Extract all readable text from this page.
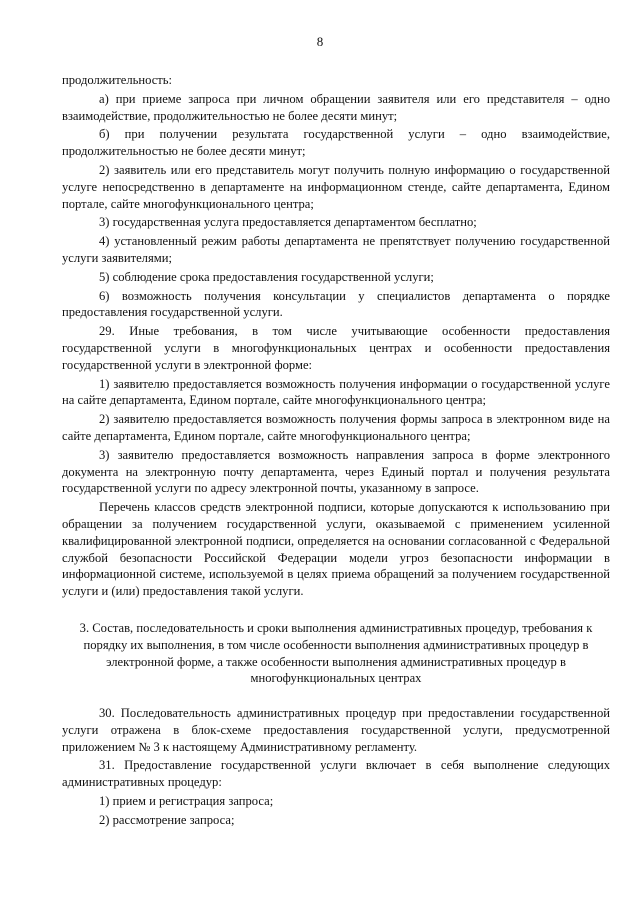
8

продолжительность:

а) при приеме запроса при личном обращении заявителя или его представителя – одно взаимодействие, продолжительностью не более десяти минут;

б) при получении результата государственной услуги – одно взаимодействие, продолжительностью не более десяти минут;

2) заявитель или его представитель могут получить полную информацию о государственной услуге непосредственно в департаменте на информационном стенде, сайте департамента, Едином портале, сайте многофункционального центра;

3) государственная услуга предоставляется департаментом бесплатно;

4) установленный режим работы департамента не препятствует получению государственной услуги заявителями;

5) соблюдение срока предоставления государственной услуги;

6) возможность получения консультации у специалистов департамента о порядке предоставления государственной услуги.

29. Иные требования, в том числе учитывающие особенности предоставления государственной услуги в многофункциональных центрах и особенности предоставления государственной услуги в электронной форме:

1) заявителю предоставляется возможность получения информации о государственной услуге на сайте департамента, Едином портале, сайте многофункционального центра;

2) заявителю предоставляется возможность получения формы запроса в электронном виде на сайте департамента, Едином портале, сайте многофункционального центра;

3) заявителю предоставляется возможность направления запроса в форме электронного документа на электронную почту департамента, через Единый портал и получения результата государственной услуги по адресу электронной почты, указанному в запросе.

Перечень классов средств электронной подписи, которые допускаются к использованию при обращении за получением государственной услуги, оказываемой с применением усиленной квалифицированной электронной подписи, определяется на основании согласованной с Федеральной службой безопасности Российской Федерации модели угроз безопасности информации в информационной системе, используемой в целях приема обращений за получением государственной услуги и (или) предоставления такой услуги.

3. Состав, последовательность и сроки выполнения административных процедур, требования к порядку их выполнения, в том числе особенности выполнения административных процедур в электронной форме, а также особенности выполнения административных процедур в многофункциональных центрах

30. Последовательность административных процедур при предоставлении государственной услуги отражена в блок-схеме предоставления государственной услуги, предусмотренной приложением № 3 к настоящему Административному регламенту.

31. Предоставление государственной услуги включает в себя выполнение следующих административных процедур:

1) прием и регистрация запроса;

2) рассмотрение запроса;
